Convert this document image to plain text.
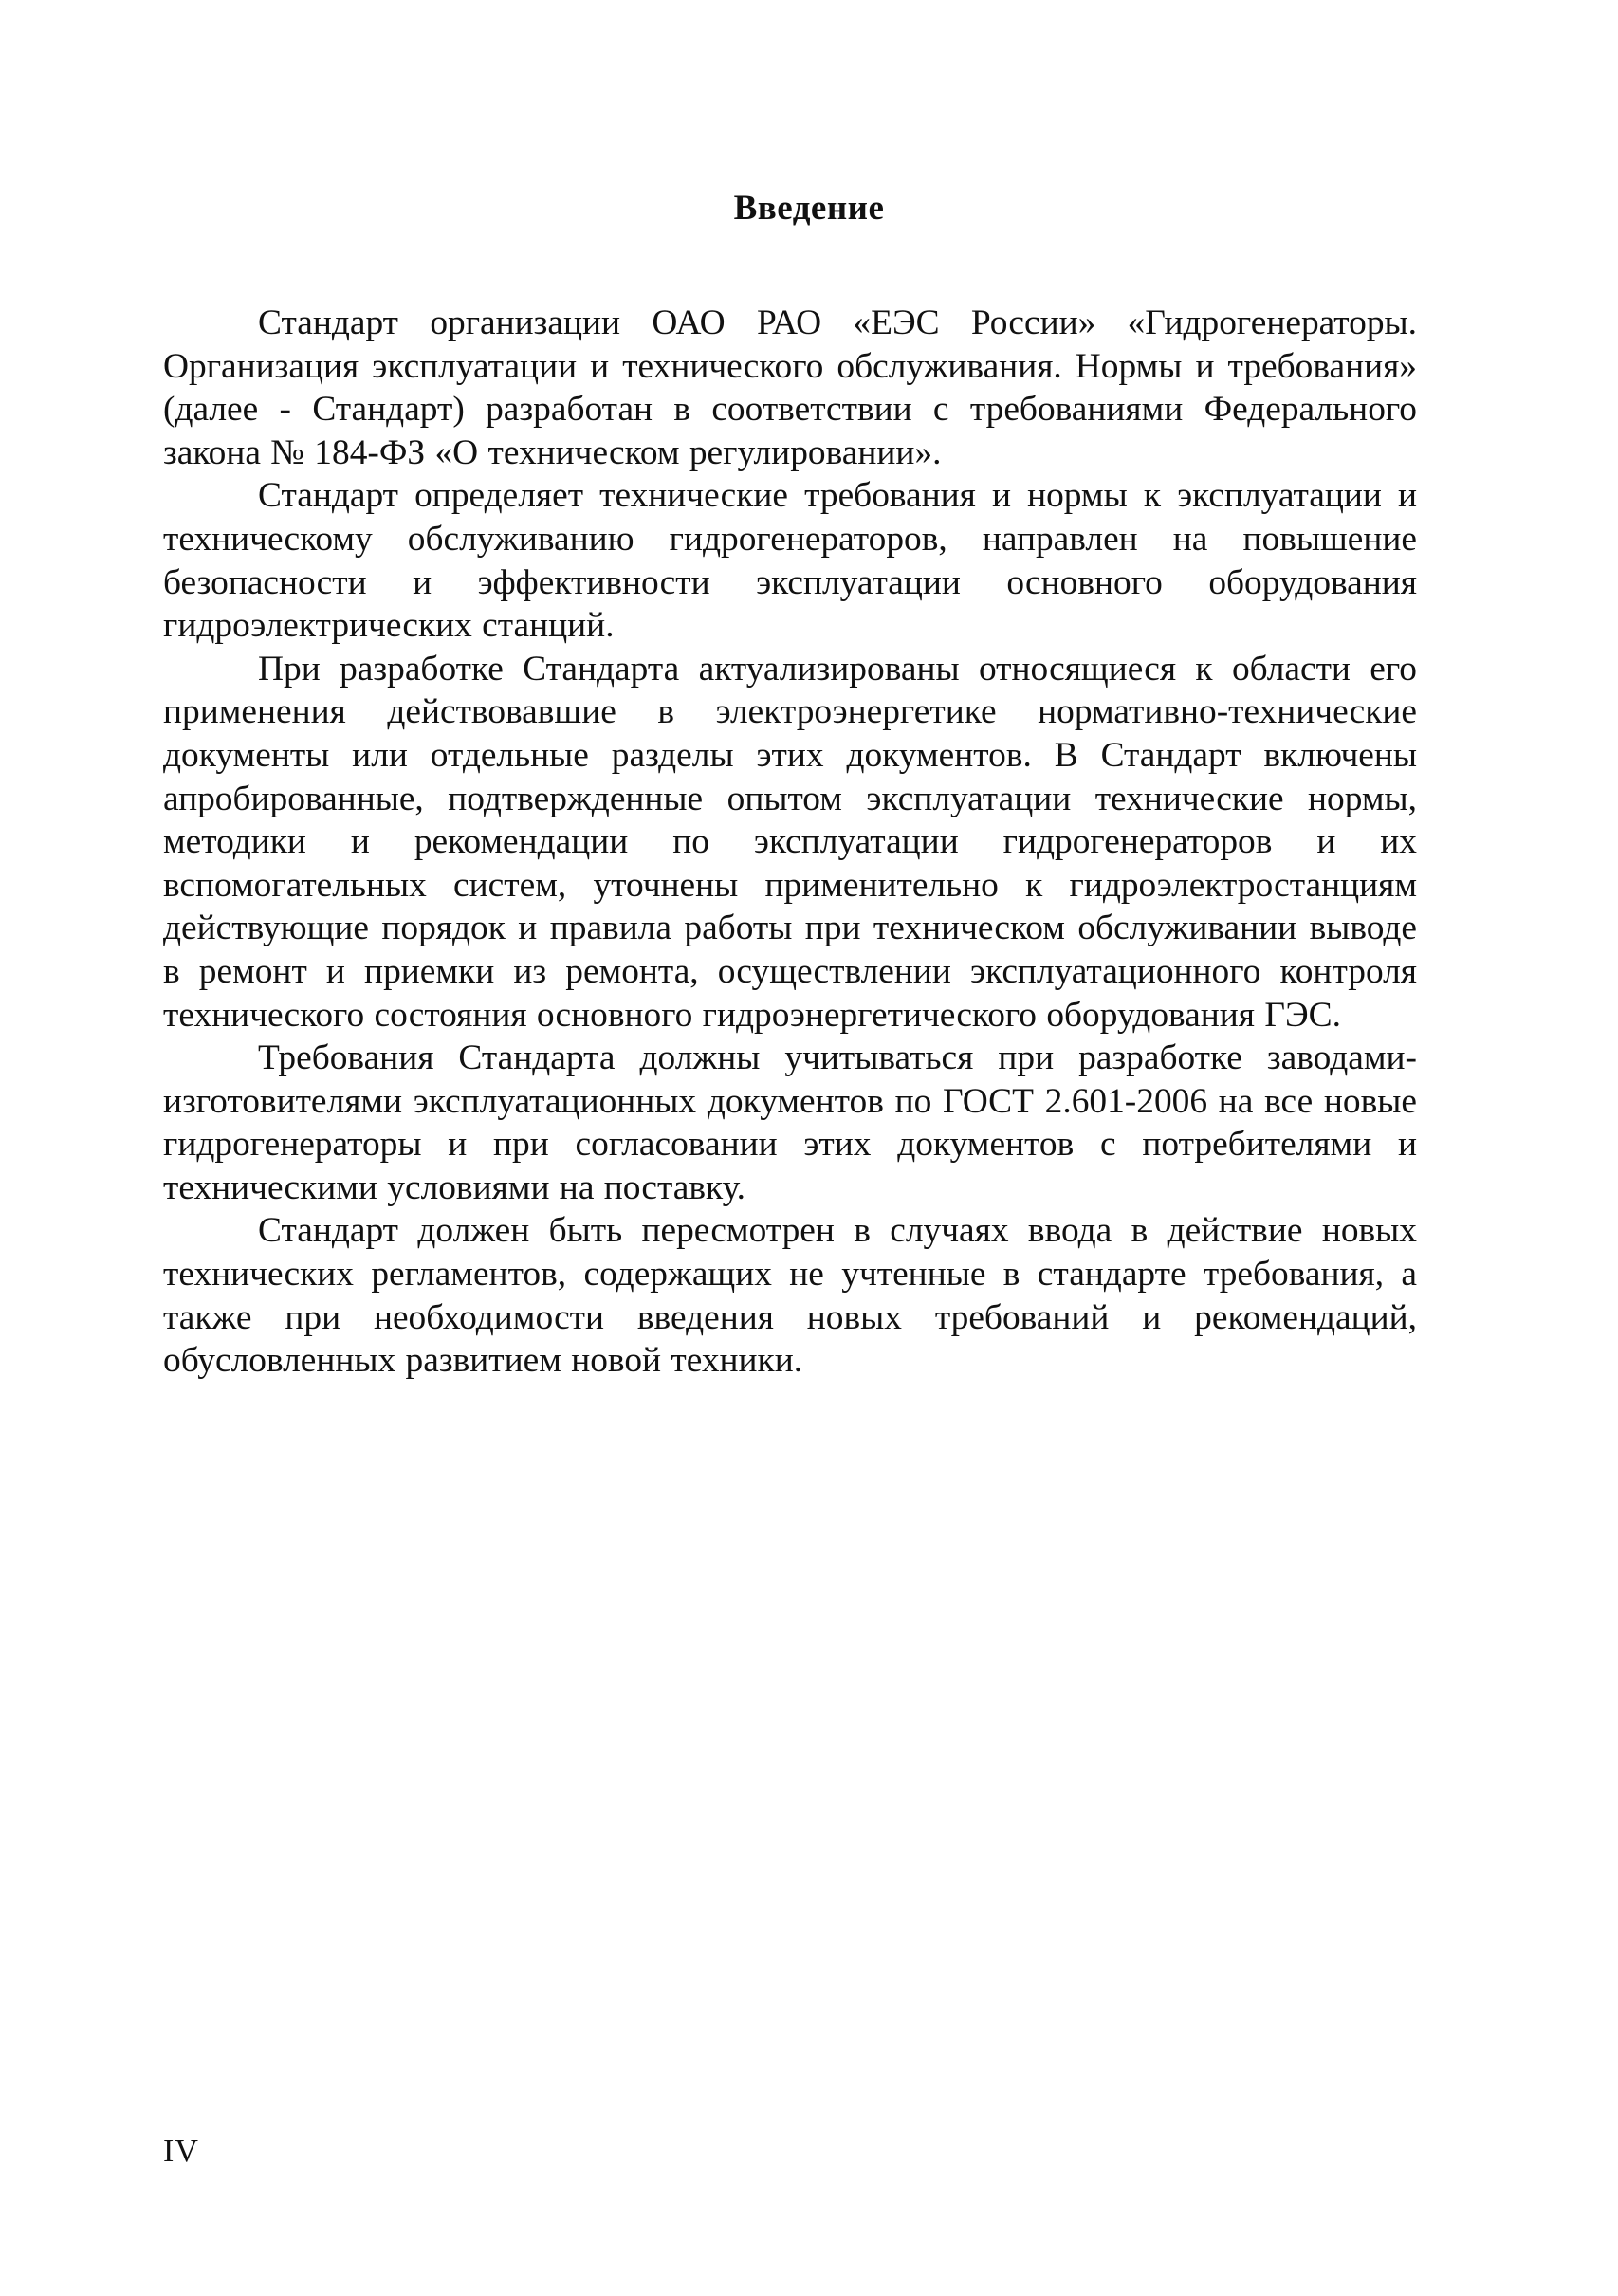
Введение

Стандарт организации ОАО РАО «ЕЭС России» «Гидрогенераторы. Организация эксплуатации и технического обслуживания. Нормы и требования» (далее - Стандарт) разработан в соответствии с требованиями Федерального закона № 184-ФЗ «О техническом регулировании».

Стандарт определяет технические требования и нормы к эксплуатации и техническому обслуживанию гидрогенераторов, направлен на повышение безопасности и эффективности эксплуатации основного оборудования гидроэлектрических станций.

При разработке Стандарта актуализированы относящиеся к области его применения действовавшие в электроэнергетике нормативно-технические документы или отдельные разделы этих документов. В Стандарт включены апробированные, подтвержденные опытом эксплуатации технические нормы, методики и рекомендации по эксплуатации гидрогенераторов и их вспомогательных систем, уточнены применительно к гидроэлектростанциям действующие порядок и правила работы при техническом обслуживании выводе в ремонт и приемки из ремонта, осуществлении эксплуатационного контроля технического состояния основного гидроэнергетического оборудования ГЭС.

Требования Стандарта должны учитываться при разработке заводами-изготовителями эксплуатационных документов по ГОСТ 2.601-2006 на все новые гидрогенераторы и при согласовании этих документов с потребителями и техническими условиями на поставку.

Стандарт должен быть пересмотрен в случаях ввода в действие новых технических регламентов, содержащих не учтенные в стандарте требования, а также при необходимости введения новых требований и рекомендаций, обусловленных развитием новой техники.

IV
